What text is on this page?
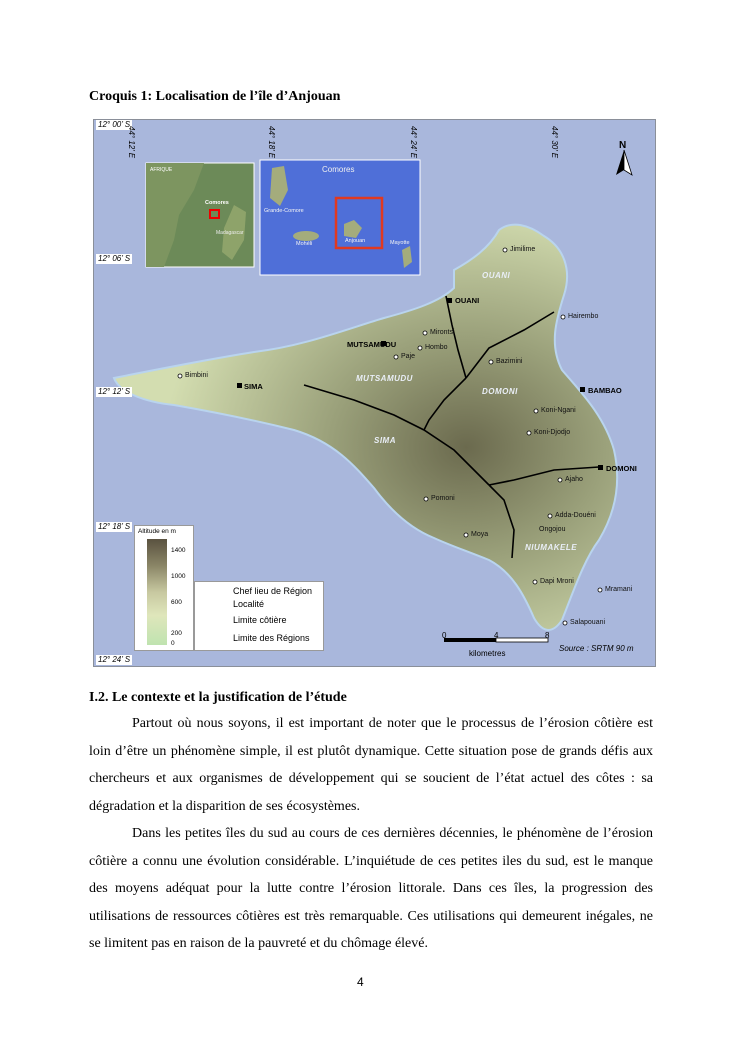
Croquis 1: Localisation de l’île d’Anjouan
12° 00’ S
12° 06’ S
12° 12’ S
12° 18’ S
12° 24’ S
44° 12’ E	44° 18’ E	44° 24’ E	44° 30’ E	N
AFRIQUE
Comores
Madagascar
Comores
Grande-Comore
Mohéli	Anjouan	Mayotte
OUANI
MUTSAMUDU
SIMA	BAMBAO
DOMONI
OUANI
MUTSAMUDU
DOMONI
SIMA
NIUMAKELE
Jimilime
Hairembo
Mirontsi
Hombo
Paje
Bazimini
Bimbini
Koni-Ngani
Koni-Djodjo
Ajaho
Pomoni
Adda-Douéni
Ongojou
Moya
Dapi Mroni
Mramani
Salapouani
Altitude en m
1400
1000
600
200
0
Chef lieu de Région
Localité
Limite côtière
Limite des Régions	0	4	8
kilometres
Source : SRTM 90 m
I.2. Le contexte et la justification de l’étude

Partout où nous soyons, il est important de noter que le processus de l’érosion côtière est loin d’être un phénomène simple, il est plutôt dynamique. Cette situation pose de grands défis aux chercheurs et aux organismes de développement qui se soucient de l’état actuel des côtes : sa dégradation et la disparition de ses écosystèmes.

Dans les petites îles du sud au cours de ces dernières décennies, le phénomène de l’érosion côtière a connu une évolution considérable. L’inquiétude de ces petites iles du sud, est le manque des moyens adéquat pour la lutte contre l’érosion littorale. Dans ces îles, la progression des utilisations de ressources côtières est très remarquable. Ces utilisations qui demeurent inégales, ne se limitent pas en raison de la pauvreté et du chômage élevé.

4
